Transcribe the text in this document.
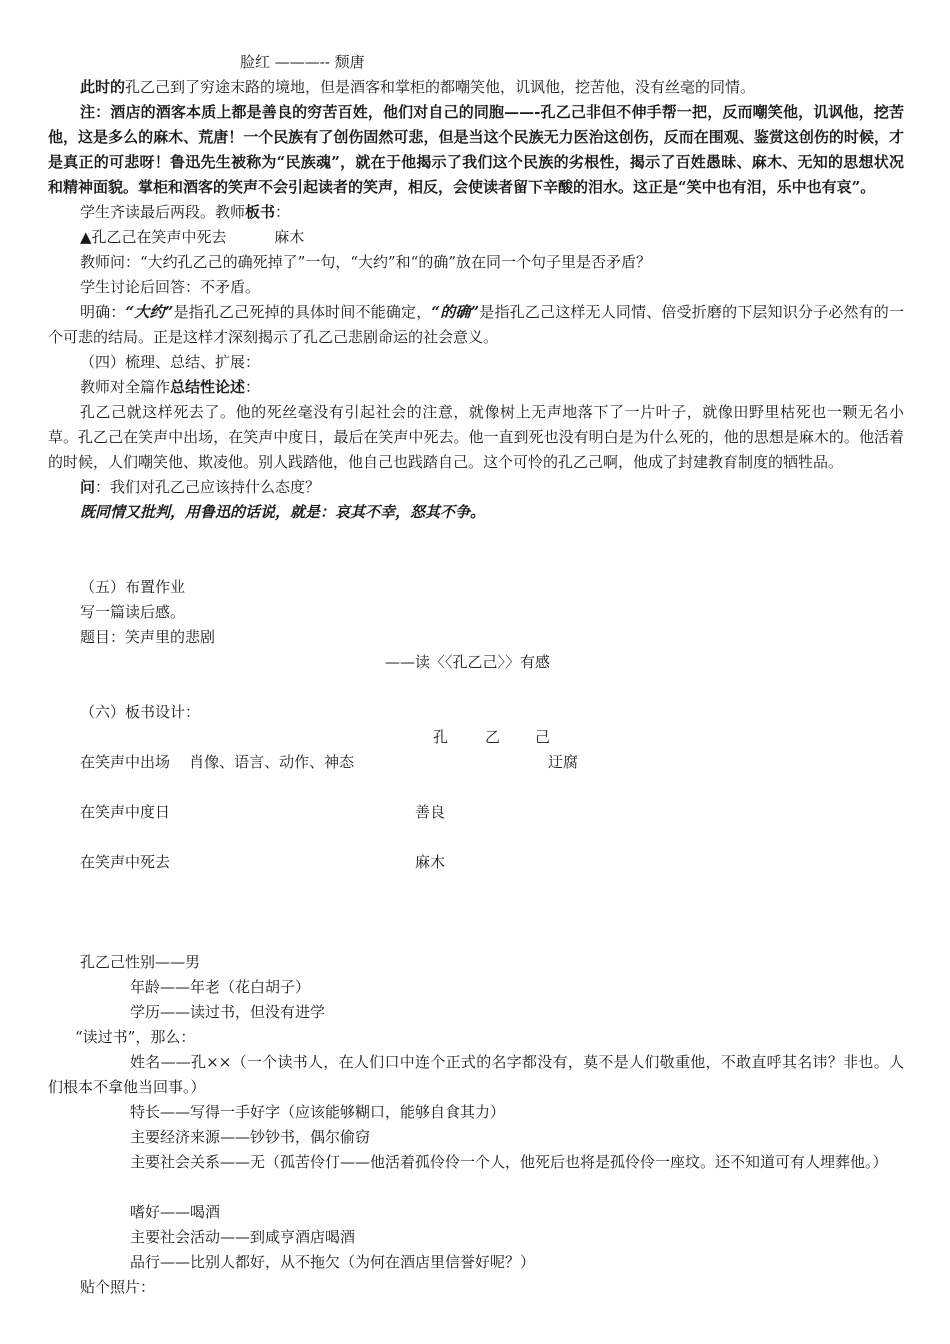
脸红 ———-- 颓唐

此时的孔乙己到了穷途末路的境地，但是酒客和掌柜的都嘲笑他，讥讽他，挖苦他，没有丝毫的同情。

注：酒店的酒客本质上都是善良的穷苦百姓，他们对自己的同胞——-孔乙己非但不伸手帮一把，反而嘲笑他，讥讽他，挖苦他，这是多么的麻木、荒唐！一个民族有了创伤固然可悲，但是当这个民族无力医治这创伤，反而在围观、鉴赏这创伤的时候，才是真正的可悲呀！鲁迅先生被称为“民族魂”，就在于他揭示了我们这个民族的劣根性，揭示了百姓愚昧、麻木、无知的思想状况和精神面貌。掌柜和酒客的笑声不会引起读者的笑声，相反，会使读者留下辛酸的泪水。这正是“笑中也有泪，乐中也有哀”。

学生齐读最后两段。教师板书：

▲孔乙己在笑声中死去          麻木

教师问：“大约孔乙己的确死掉了”一句，“大约”和“的确”放在同一个句子里是否矛盾？

学生讨论后回答：不矛盾。

明确：“大约”是指孔乙己死掉的具体时间不能确定，“的确”是指孔乙己这样无人同情、倍受折磨的下层知识分子必然有的一个可悲的结局。正是这样才深刻揭示了孔乙己悲剧命运的社会意义。

（四）梳理、总结、扩展：

教师对全篇作总结性论述：

孔乙己就这样死去了。他的死丝毫没有引起社会的注意，就像树上无声地落下了一片叶子，就像田野里枯死也一颗无名小草。孔乙己在笑声中出场，在笑声中度日，最后在笑声中死去。他一直到死也没有明白是为什么死的，他的思想是麻木的。他活着的时候，人们嘲笑他、欺凌他。别人践踏他，他自己也践踏自己。这个可怜的孔乙己啊，他成了封建教育制度的牺牲品。

问：我们对孔乙己应该持什么态度？

既同情又批判，用鲁迅的话说，就是：哀其不幸，怒其不争。

（五）布置作业
写一篇读后感。
题目：笑声里的悲剧
——读〈〈孔乙己〉〉有感
（六）板书设计：
孔 乙 己
在笑声中出场    肖像、语言、动作、神态	迂腐
在笑声中度日	善良
在笑声中死去	麻木
孔乙己性别——男
年龄——年老（花白胡子）
学历——读过书，但没有进学
“读过书”，那么：

姓名——孔××（一个读书人，在人们口中连个正式的名字都没有，莫不是人们敬重他，不敢直呼其名讳？非也。人们根本不拿他当回事。）

特长——写得一手好字（应该能够糊口，能够自食其力）
主要经济来源——钞钞书，偶尔偷窃

主要社会关系——无（孤苦伶仃——他活着孤伶伶一个人，他死后也将是孤伶伶一座坟。还不知道可有人埋葬他。）

嗜好——喝酒
主要社会活动——到咸亨酒店喝酒
品行——比别人都好，从不拖欠（为何在酒店里信誉好呢？）
贴个照片：
